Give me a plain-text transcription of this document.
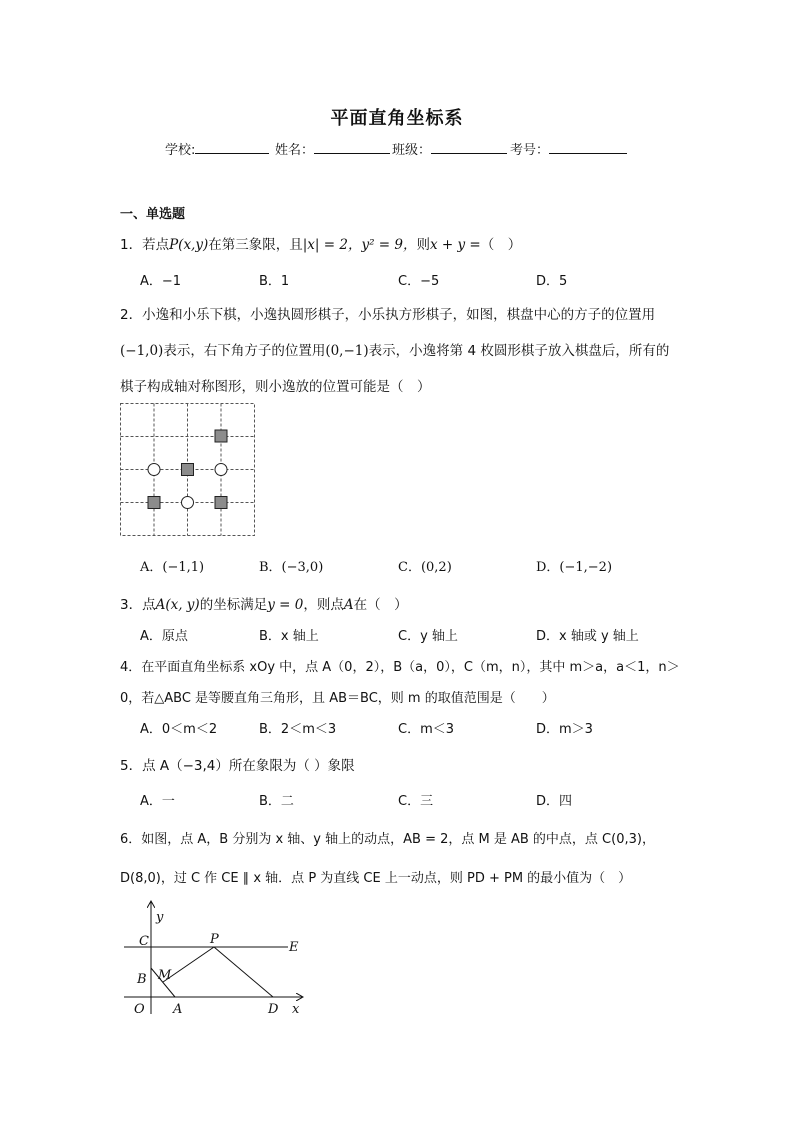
平面直角坐标系
学校:	姓名：	班级：	考号：
一、单选题
1．若点P(x,y)在第三象限，且|x| = 2，y² = 9，则x + y =（　）
A．−1	B．1	C．−5	D．5
2．小逸和小乐下棋，小逸执圆形棋子，小乐执方形棋子，如图，棋盘中心的方子的位置用
(−1,0)表示，右下角方子的位置用(0,−1)表示，小逸将第 4 枚圆形棋子放入棋盘后，所有的
棋子构成轴对称图形，则小逸放的位置可能是（　）
A．(−1,1)	B．(−3,0)	C．(0,2)	D．(−1,−2)
3．点A(x, y)的坐标满足y = 0，则点A在（　）
A．原点	B．x 轴上	C．y 轴上	D．x 轴或 y 轴上
4．在平面直角坐标系 xOy 中，点 A（0，2），B（a，0），C（m，n），其中 m＞a，a＜1，n＞
0，若△ABC 是等腰直角三角形，且 AB＝BC，则 m 的取值范围是（　　）
A．0＜m＜2	B．2＜m＜3	C．m＜3	D．m＞3
5．点 A（−3,4）所在象限为（ ）象限
A．一	B．二	C．三	D．四
6．如图，点 A，B 分别为 x 轴、y 轴上的动点，AB = 2，点 M 是 AB 的中点，点 C(0,3)，
D(8,0)，过 C 作 CE ∥ x 轴．点 P 为直线 CE 上一动点，则 PD + PM 的最小值为（　）
y
C	P
E
B M
O A	D x
